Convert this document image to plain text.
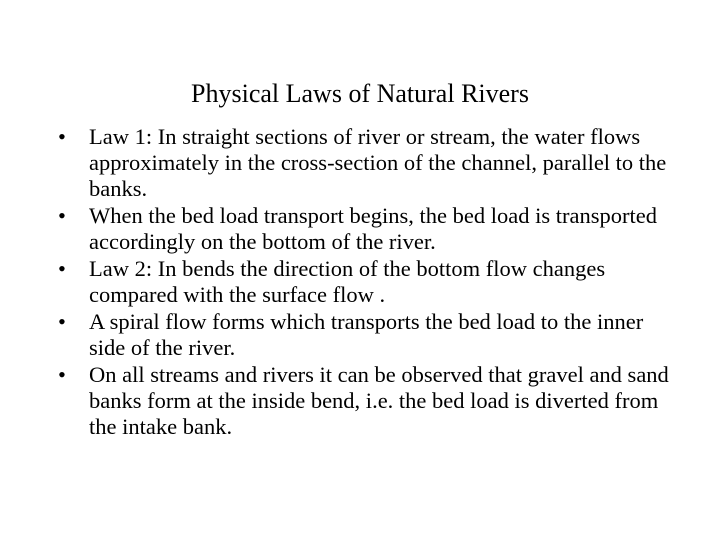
Physical Laws of Natural Rivers
•	Law 1: In straight sections of river or stream, the water flows approximately in the cross-section of the channel, parallel to the banks.
•	When the bed load transport begins, the bed load is transported accordingly on the bottom of the river.
•	Law 2: In bends the direction of the bottom flow changes compared with the surface flow .
•	A spiral flow forms which transports the bed load to the inner side of the river.
•	On all streams and rivers it can be observed that gravel and sand banks form at the inside bend, i.e. the bed load is diverted from the intake bank.
